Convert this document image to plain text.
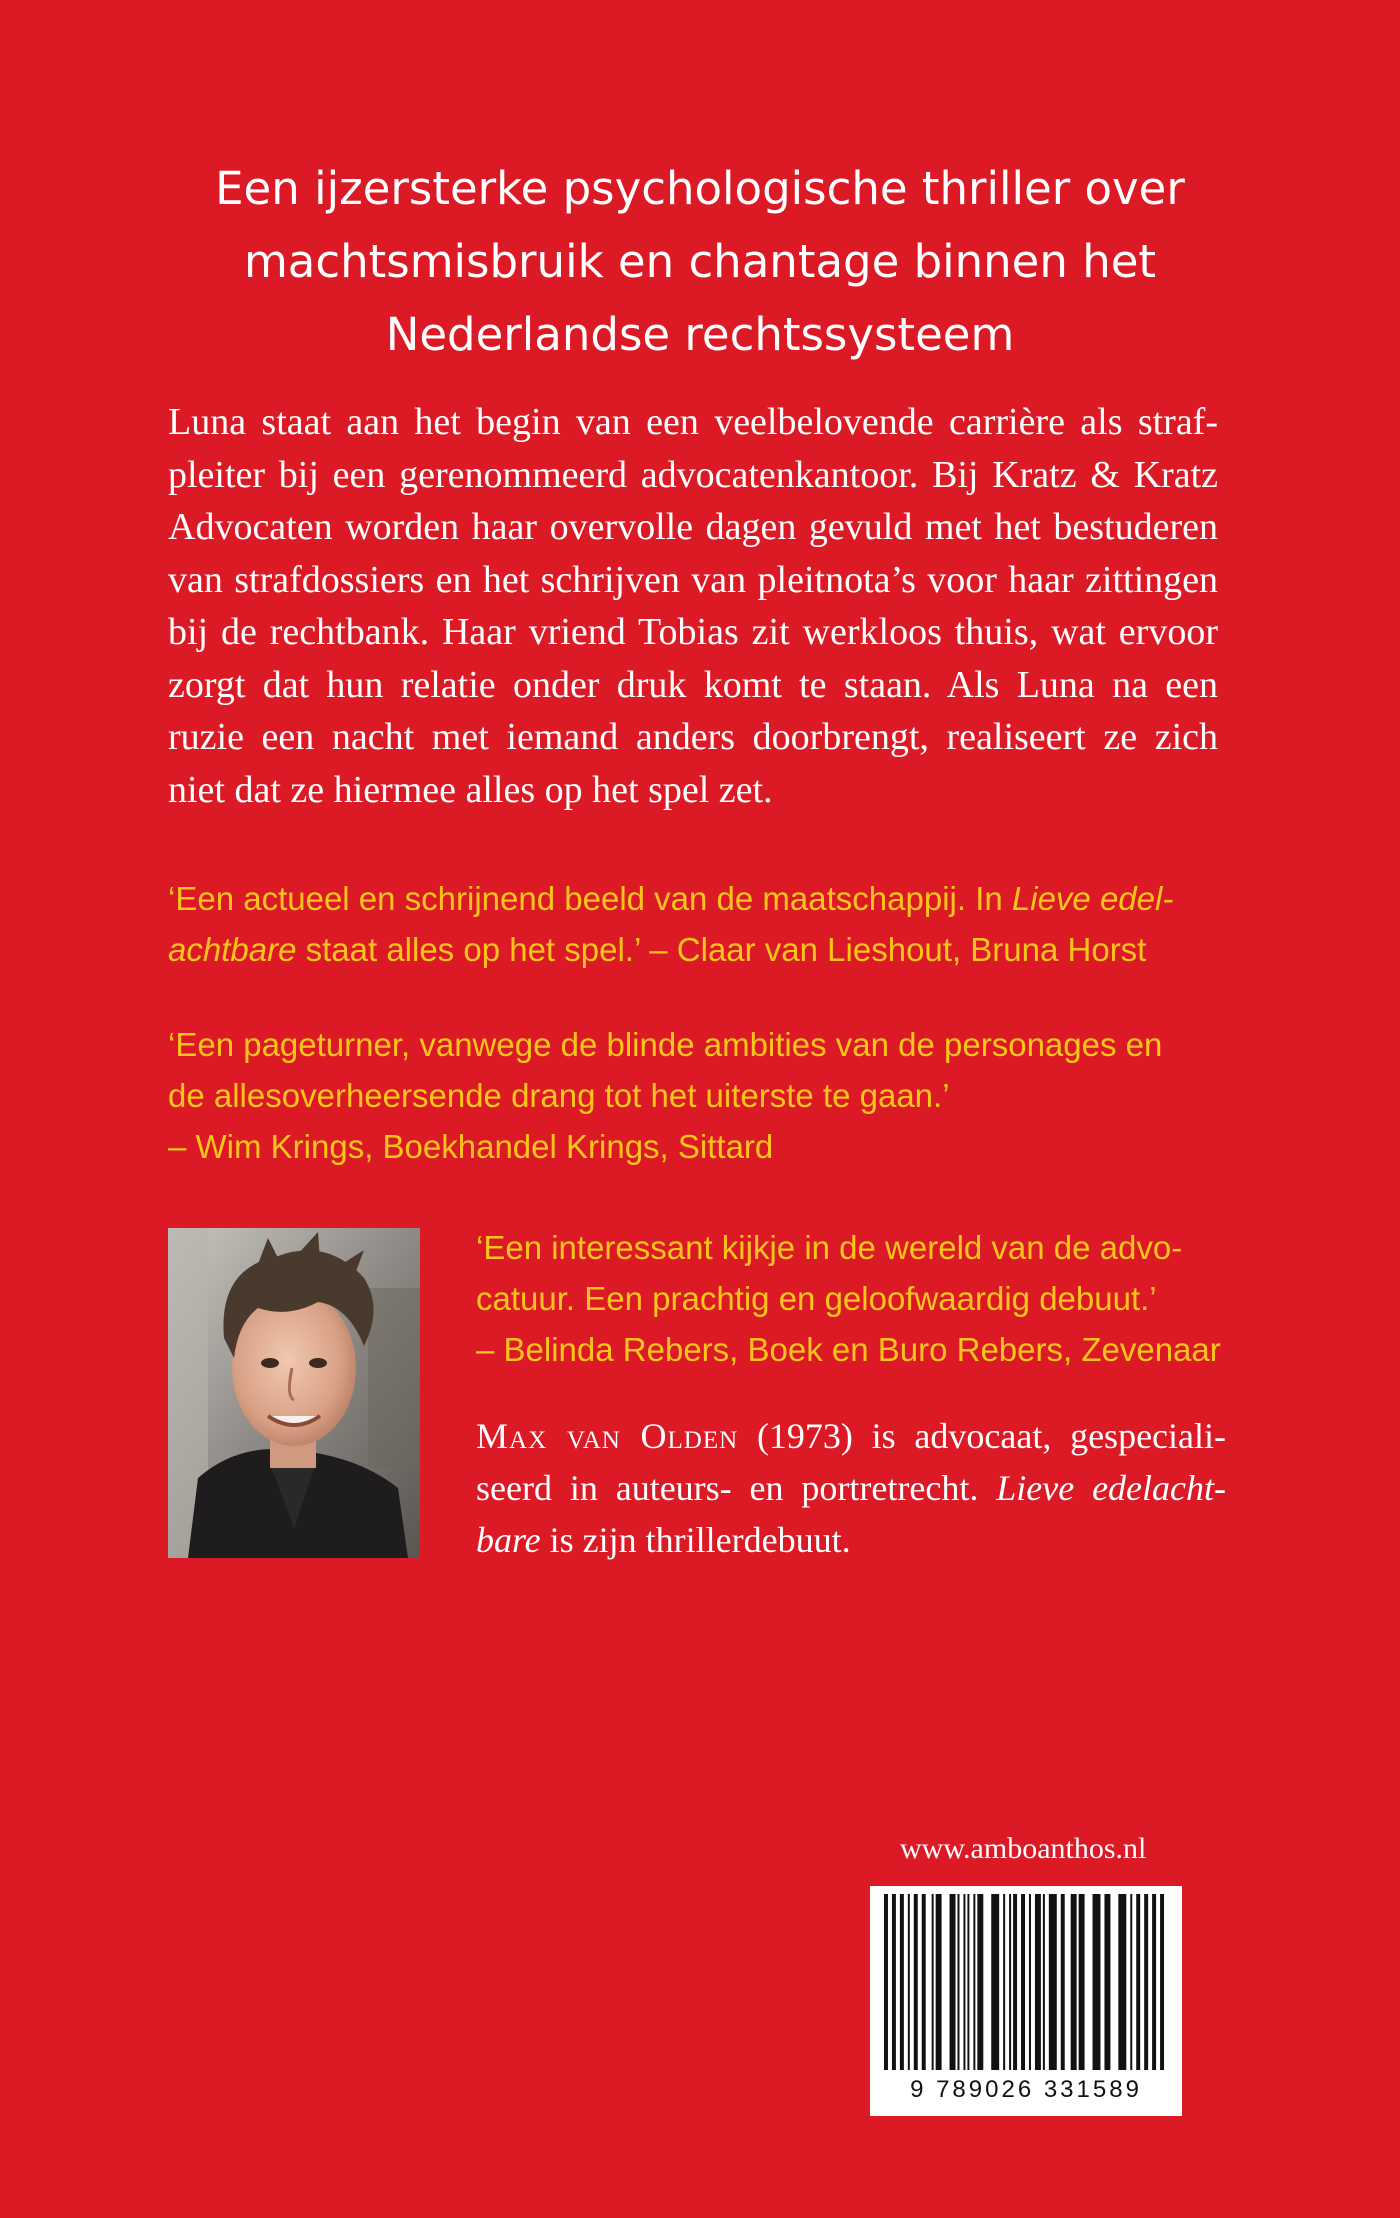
Een ijzersterke psychologische thriller over
machtsmisbruik en chantage binnen het
Nederlandse rechtssysteem
Luna staat aan het begin van een veelbelovende carrière als straf-
pleiter bij een gerenommeerd advocatenkantoor. Bij Kratz & Kratz
Advocaten worden haar overvolle dagen gevuld met het bestuderen
van strafdossiers en het schrijven van pleitnota’s voor haar zittingen
bij de rechtbank. Haar vriend Tobias zit werkloos thuis, wat ervoor
zorgt dat hun relatie onder druk komt te staan. Als Luna na een
ruzie een nacht met iemand anders doorbrengt, realiseert ze zich
niet dat ze hiermee alles op het spel zet.
‘Een actueel en schrijnend beeld van de maatschappij. In Lieve edel-
achtbare staat alles op het spel.’ – Claar van Lieshout, Bruna Horst
‘Een pageturner, vanwege de blinde ambities van de personages en
de allesoverheersende drang tot het uiterste te gaan.’
– Wim Krings, Boekhandel Krings, Sittard
‘Een interessant kijkje in de wereld van de advo-
catuur. Een prachtig en geloofwaardig debuut.’
– Belinda Rebers, Boek en Buro Rebers, Zevenaar
Max van Olden (1973) is advocaat, gespeciali-
seerd in auteurs- en portretrecht. Lieve edelacht-
bare is zijn thrillerdebuut.
www.amboanthos.nl
9 789026 331589
